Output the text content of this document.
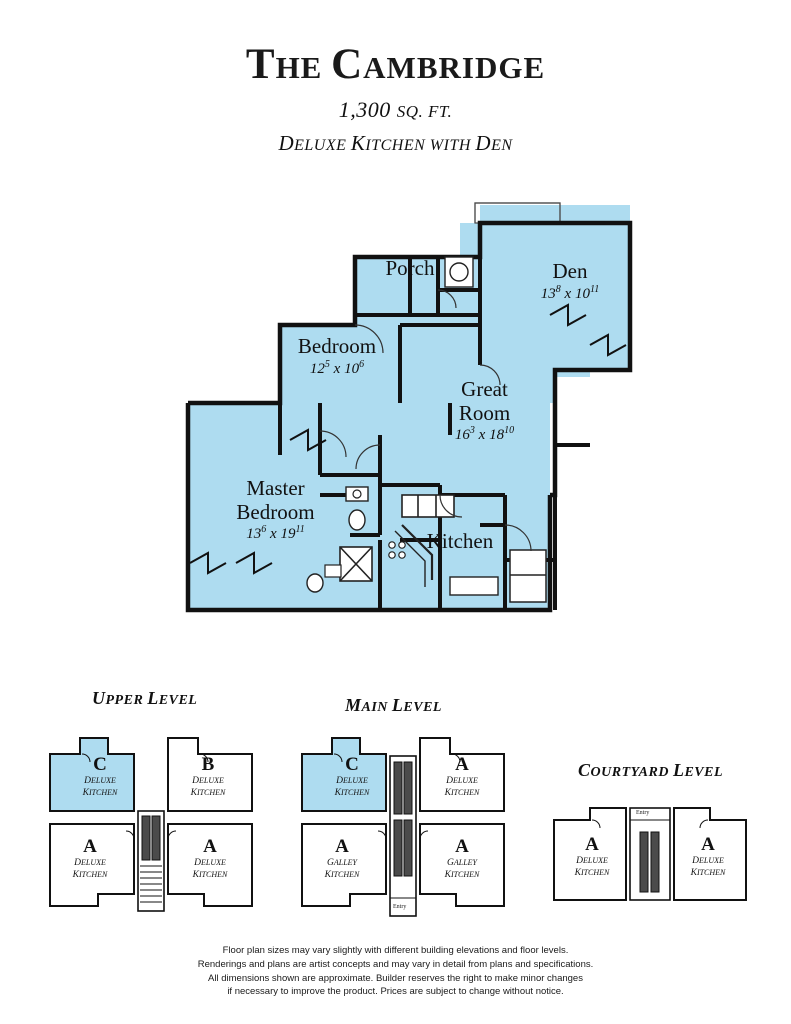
THE CAMBRIDGE
1,300 SQ. FT.
DELUXE KITCHEN WITH DEN
Porch	Den
$13^8$ x $10^{11}$
Bedroom
$12^5$ x $10^6$
Great
Room
$16^3$ x $18^{10}$
Master
Bedroom
$13^6$ x $19^{11}$	Kitchen
UPPER LEVEL	MAIN LEVEL
COURTYARD LEVEL
C
DELUXE
KITCHEN
B
DELUXE
KITCHEN
A
DELUXE
KITCHEN
A
DELUXE
KITCHEN
C
DELUXE
KITCHEN
A
DELUXE
KITCHEN
A
GALLEY
KITCHEN
A
GALLEY
KITCHEN
Entry
A
DELUXE
KITCHEN
A
DELUXE
KITCHEN
Entry
Floor plan sizes may vary slightly with different building elevations and floor levels.
Renderings and plans are artist concepts and may vary in detail from plans and specifications.
All dimensions shown are approximate. Builder reserves the right to make minor changes
if necessary to improve the product. Prices are subject to change without notice.
